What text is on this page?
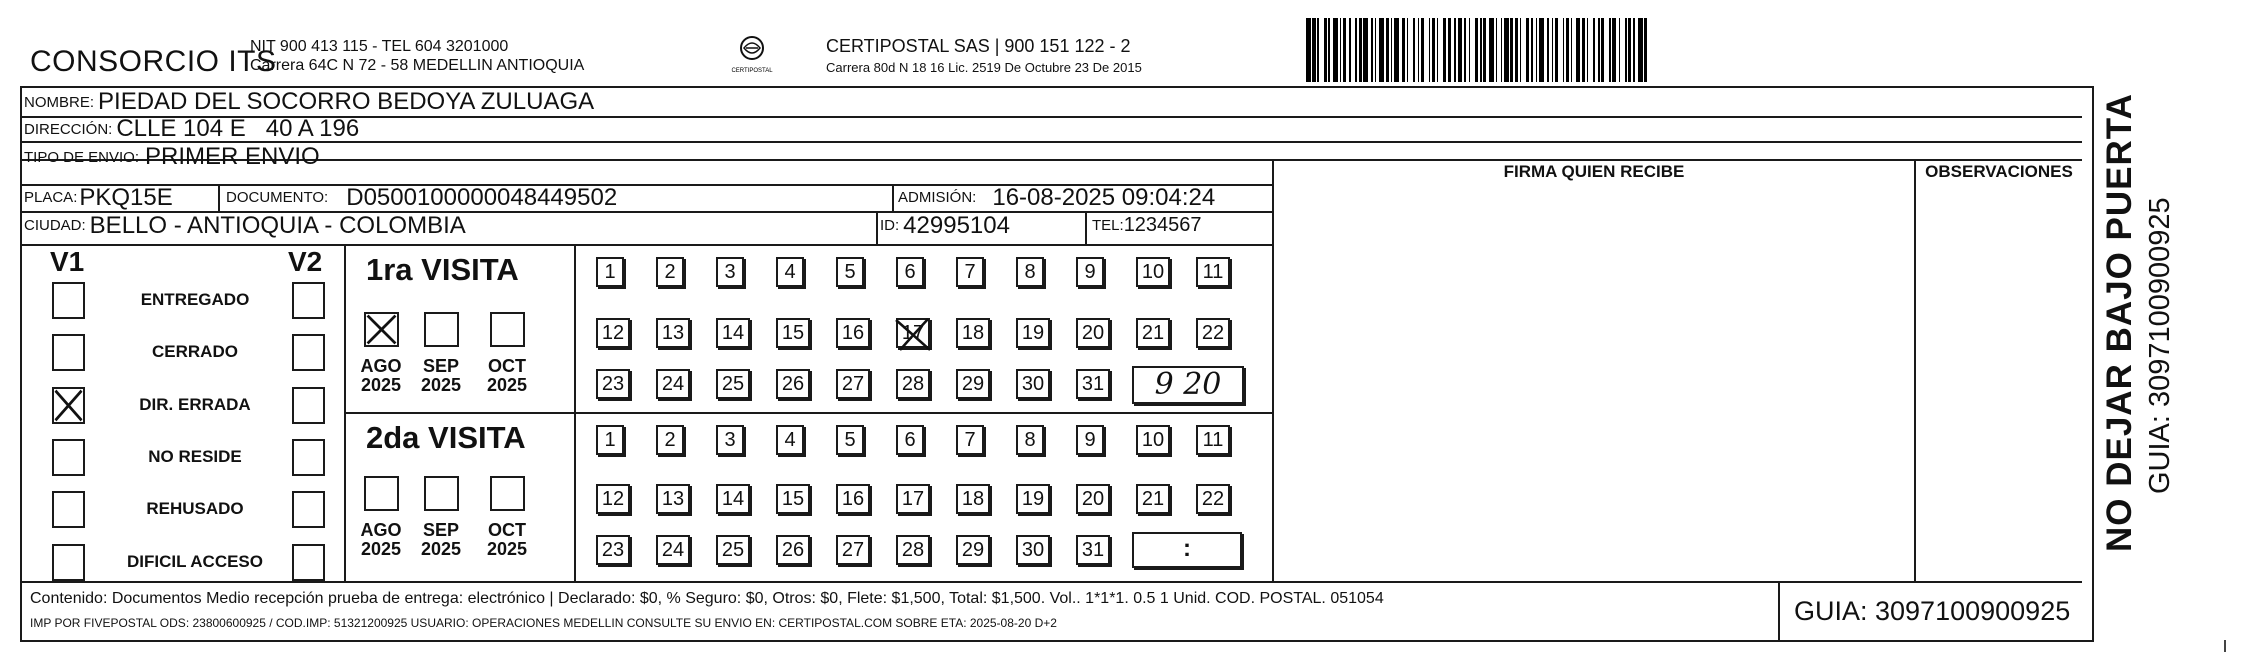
CONSORCIO ITS
NIT 900 413 115 - TEL 604 3201000
Carrera 64C N 72 - 58 MEDELLIN ANTIOQUIA	CERTIPOSTAL
CERTIPOSTAL SAS | 900 151 122 - 2
Carrera 80d N 18 16 Lic. 2519 De Octubre 23 De 2015
NOMBRE: PIEDAD DEL SOCORRO BEDOYA ZULUAGA
DIRECCIÓN: CLLE 104 E   40 A 196
TIPO DE ENVIO: PRIMER ENVIO
PLACA: PKQ15E	DOCUMENTO: D0500100000048449502	ADMISIÓN: 16-08-2025 09:04:24
CIUDAD: BELLO - ANTIOQUIA - COLOMBIA	ID: 42995104	TEL: 1234567
FIRMA QUIEN RECIBE	OBSERVACIONES
V1	V2
ENTREGADO
CERRADO
DIR. ERRADA
NO RESIDE
REHUSADO
DIFICIL ACCESO
1ra VISITA
AGO
2025
SEP
2025
OCT
2025
1	2	3	4	5	6	7	8	9	10	11
12 13 14 15 16 17 18 19 20 21 22
23 24 25 26 27 28 29 30 31	9 20
2da VISITA
AGO
2025
SEP
2025
OCT
2025
1	2	3	4	5	6	7	8	9	10	11
12 13 14 15 16 17 18 19 20 21 22
23 24 25 26 27 28 29 30 31	:
Contenido: Documentos Medio recepción prueba de entrega: electrónico | Declarado: $0, % Seguro: $0, Otros: $0, Flete: $1,500, Total: $1,500. Vol.. 1*1*1. 0.5 1 Unid. COD. POSTAL. 051054
IMP POR FIVEPOSTAL ODS: 23800600925 / COD.IMP: 51321200925 USUARIO: OPERACIONES MEDELLIN CONSULTE SU ENVIO EN: CERTIPOSTAL.COM SOBRE ETA: 2025-08-20 D+2	GUIA: 3097100900925
NO DEJAR BAJO PUERTA GUIA: 3097100900925
